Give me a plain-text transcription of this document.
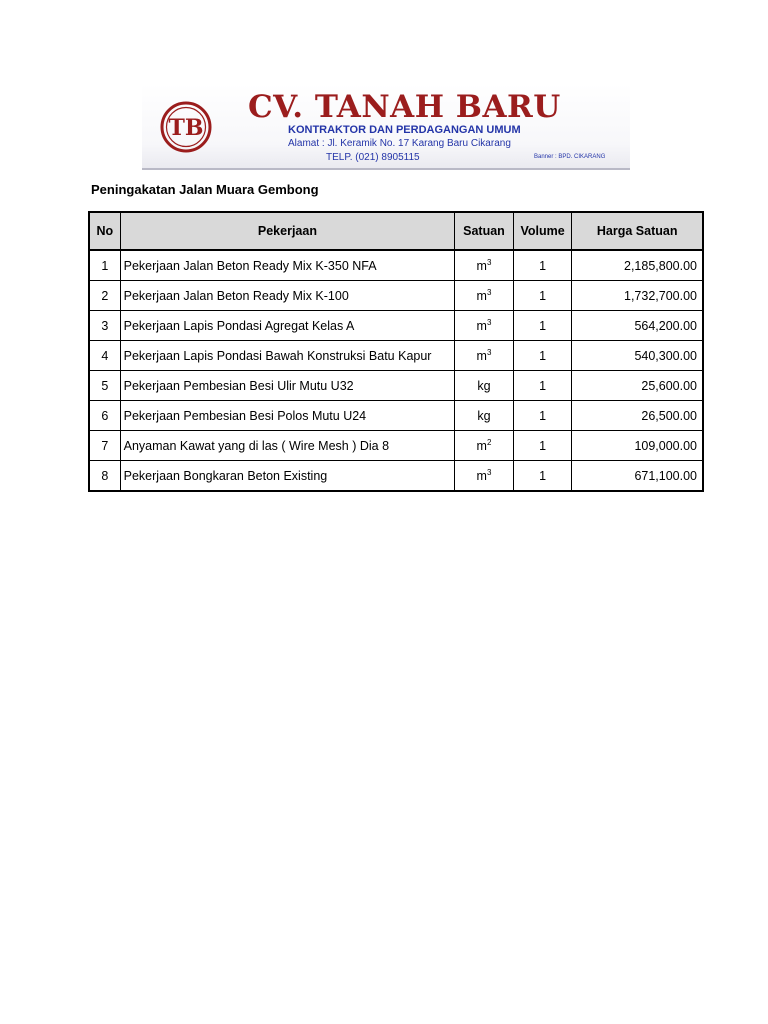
TB
CV. TANAH BARU
KONTRAKTOR DAN PERDAGANGAN UMUM
Alamat : Jl. Keramik No. 17 Karang Baru Cikarang
TELP. (021) 8905115	Banner : BPD. CIKARANG
Peningakatan Jalan Muara Gembong
No	Pekerjaan	Satuan	Volume	Harga Satuan
1	Pekerjaan Jalan Beton Ready Mix K-350 NFA	$m^3$	1	2,185,800.00
2	Pekerjaan Jalan Beton Ready Mix K-100	$m^3$	1	1,732,700.00
3	Pekerjaan Lapis Pondasi Agregat Kelas A	$m^3$	1	564,200.00
4	Pekerjaan Lapis Pondasi Bawah Konstruksi Batu Kapur	$m^3$	1	540,300.00
5	Pekerjaan Pembesian Besi Ulir Mutu U32	kg	1	25,600.00
6	Pekerjaan Pembesian Besi Polos Mutu U24	kg	1	26,500.00
7	Anyaman Kawat yang di las ( Wire Mesh ) Dia 8	$m^2$	1	109,000.00
8	Pekerjaan Bongkaran Beton Existing	$m^3$	1	671,100.00
